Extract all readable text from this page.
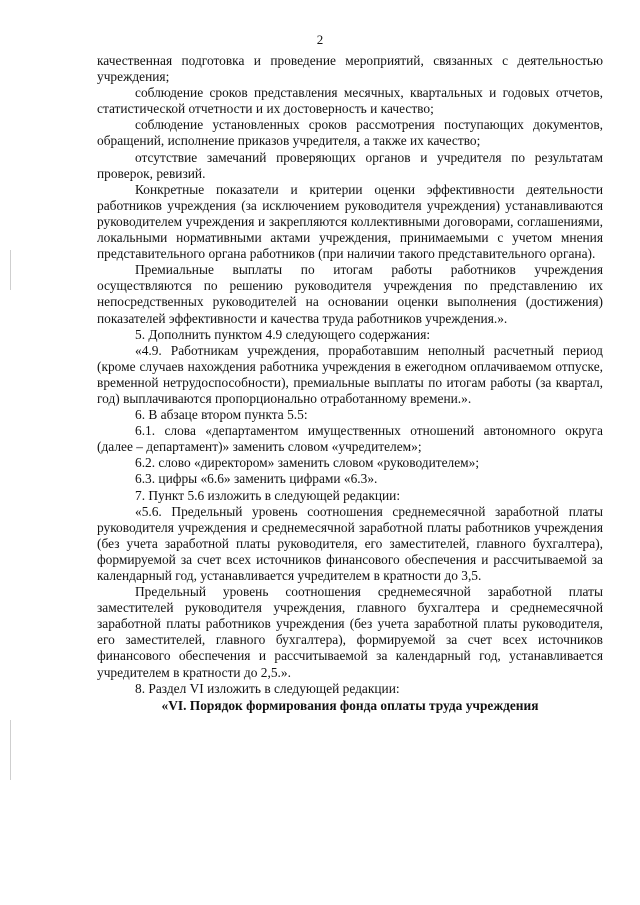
2

качественная подготовка и проведение мероприятий, связанных с деятельностью учреждения;

соблюдение сроков представления месячных, квартальных и годовых отчетов, статистической отчетности и их достоверность и качество;

соблюдение установленных сроков рассмотрения поступающих документов, обращений, исполнение приказов учредителя, а также их качество;

отсутствие замечаний проверяющих органов и учредителя по результатам проверок, ревизий.

Конкретные показатели и критерии оценки эффективности деятельности работников учреждения (за исключением руководителя учреждения) устанавливаются руководителем учреждения и закрепляются коллективными договорами, соглашениями, локальными нормативными актами учреждения, принимаемыми с учетом мнения представительного органа работников (при наличии такого представительного органа).

Премиальные выплаты по итогам работы работников учреждения осуществляются по решению руководителя учреждения по представлению их непосредственных руководителей на основании оценки выполнения (достижения) показателей эффективности и качества труда работников учреждения.».

5. Дополнить пунктом 4.9 следующего содержания:

«4.9. Работникам учреждения, проработавшим неполный расчетный период (кроме случаев нахождения работника учреждения в ежегодном оплачиваемом отпуске, временной нетрудоспособности), премиальные выплаты по итогам работы (за квартал, год) выплачиваются пропорционально отработанному времени.».

6. В абзаце втором пункта 5.5:

6.1. слова «департаментом имущественных отношений автономного округа (далее – департамент)» заменить словом «учредителем»;

6.2. слово «директором» заменить словом «руководителем»;

6.3. цифры «6.6» заменить цифрами «6.3».

7. Пункт 5.6 изложить в следующей редакции:

«5.6. Предельный уровень соотношения среднемесячной заработной платы руководителя учреждения и среднемесячной заработной платы работников учреждения (без учета заработной платы руководителя, его заместителей, главного бухгалтера), формируемой за счет всех источников финансового обеспечения и рассчитываемой за календарный год, устанавливается учредителем в кратности до 3,5.

Предельный уровень соотношения среднемесячной заработной платы заместителей руководителя учреждения, главного бухгалтера и среднемесячной заработной платы работников учреждения (без учета заработной платы руководителя, его заместителей, главного бухгалтера), формируемой за счет всех источников финансового обеспечения и рассчитываемой за календарный год, устанавливается учредителем в кратности до 2,5.».

8. Раздел VI изложить в следующей редакции:

«VI. Порядок формирования фонда оплаты труда учреждения
